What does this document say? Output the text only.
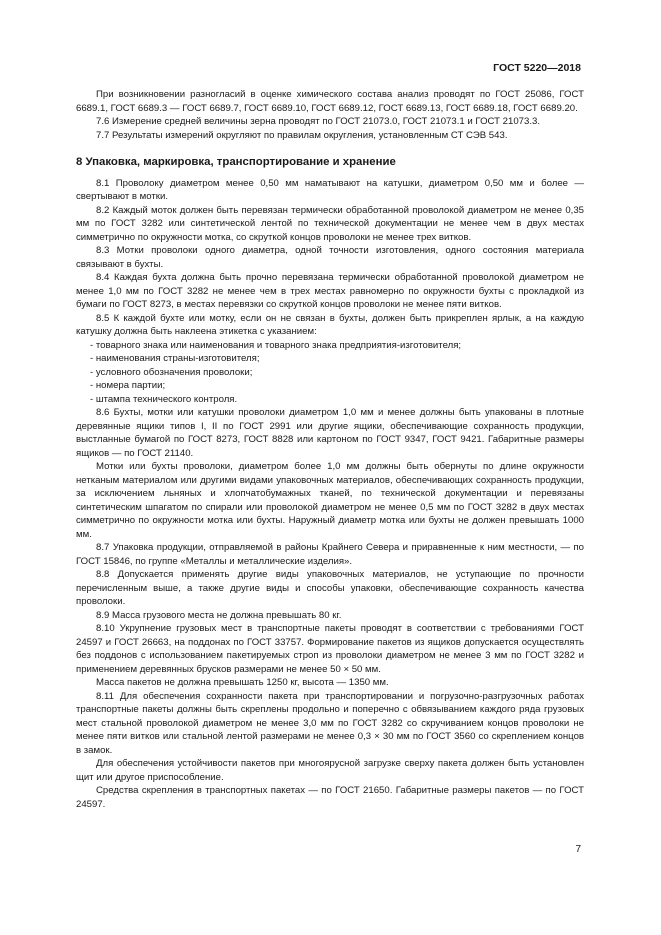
ГОСТ 5220—2018

При возникновении разногласий в оценке химического состава анализ проводят по ГОСТ 25086, ГОСТ 6689.1, ГОСТ 6689.3 — ГОСТ 6689.7, ГОСТ 6689.10, ГОСТ 6689.12, ГОСТ 6689.13, ГОСТ 6689.18, ГОСТ 6689.20.

7.6 Измерение средней величины зерна проводят по ГОСТ 21073.0, ГОСТ 21073.1 и ГОСТ 21073.3.

7.7 Результаты измерений округляют по правилам округления, установленным СТ СЭВ 543.

8 Упаковка, маркировка, транспортирование и хранение

8.1 Проволоку диаметром менее 0,50 мм наматывают на катушки, диаметром 0,50 мм и более — свертывают в мотки.

8.2 Каждый моток должен быть перевязан термически обработанной проволокой диаметром не менее 0,35 мм по ГОСТ 3282 или синтетической лентой по технической документации не менее чем в двух местах симметрично по окружности мотка, со скруткой концов проволоки не менее трех витков.

8.3 Мотки проволоки одного диаметра, одной точности изготовления, одного состояния материала связывают в бухты.

8.4 Каждая бухта должна быть прочно перевязана термически обработанной проволокой диаметром не менее 1,0 мм по ГОСТ 3282 не менее чем в трех местах равномерно по окружности бухты с прокладкой из бумаги по ГОСТ 8273, в местах перевязки со скруткой концов проволоки не менее пяти витков.

8.5 К каждой бухте или мотку, если он не связан в бухты, должен быть прикреплен ярлык, а на каждую катушку должна быть наклеена этикетка с указанием:

- товарного знака или наименования и товарного знака предприятия-изготовителя;
- наименования страны-изготовителя;
- условного обозначения проволоки;
- номера партии;
- штампа технического контроля.

8.6 Бухты, мотки или катушки проволоки диаметром 1,0 мм и менее должны быть упакованы в плотные деревянные ящики типов I, II по ГОСТ 2991 или другие ящики, обеспечивающие сохранность продукции, выстланные бумагой по ГОСТ 8273, ГОСТ 8828 или картоном по ГОСТ 9347, ГОСТ 9421. Габаритные размеры ящиков — по ГОСТ 21140.

Мотки или бухты проволоки, диаметром более 1,0 мм должны быть обернуты по длине окружности нетканым материалом или другими видами упаковочных материалов, обеспечивающих сохранность продукции, за исключением льняных и хлопчатобумажных тканей, по технической документации и перевязаны синтетическим шпагатом по спирали или проволокой диаметром не менее 0,5 мм по ГОСТ 3282 в двух местах симметрично по окружности мотка или бухты. Наружный диаметр мотка или бухты не должен превышать 1000 мм.

8.7 Упаковка продукции, отправляемой в районы Крайнего Севера и приравненные к ним местности, — по ГОСТ 15846, по группе «Металлы и металлические изделия».

8.8 Допускается применять другие виды упаковочных материалов, не уступающие по прочности перечисленным выше, а также другие виды и способы упаковки, обеспечивающие сохранность качества проволоки.

8.9 Масса грузового места не должна превышать 80 кг.

8.10 Укрупнение грузовых мест в транспортные пакеты проводят в соответствии с требованиями ГОСТ 24597 и ГОСТ 26663, на поддонах по ГОСТ 33757. Формирование пакетов из ящиков допускается осуществлять без поддонов с использованием пакетируемых строп из проволоки диаметром не менее 3 мм по ГОСТ 3282 и применением деревянных брусков размерами не менее 50 × 50 мм.

Масса пакетов не должна превышать 1250 кг, высота — 1350 мм.

8.11 Для обеспечения сохранности пакета при транспортировании и погрузочно-разгрузочных работах транспортные пакеты должны быть скреплены продольно и поперечно с обвязыванием каждого ряда грузовых мест стальной проволокой диаметром не менее 3,0 мм по ГОСТ 3282 со скручиванием концов проволоки не менее пяти витков или стальной лентой размерами не менее 0,3 × 30 мм по ГОСТ 3560 со скреплением концов в замок.

Для обеспечения устойчивости пакетов при многоярусной загрузке сверху пакета должен быть установлен щит или другое приспособление.

Средства скрепления в транспортных пакетах — по ГОСТ 21650. Габаритные размеры пакетов — по ГОСТ 24597.

7
